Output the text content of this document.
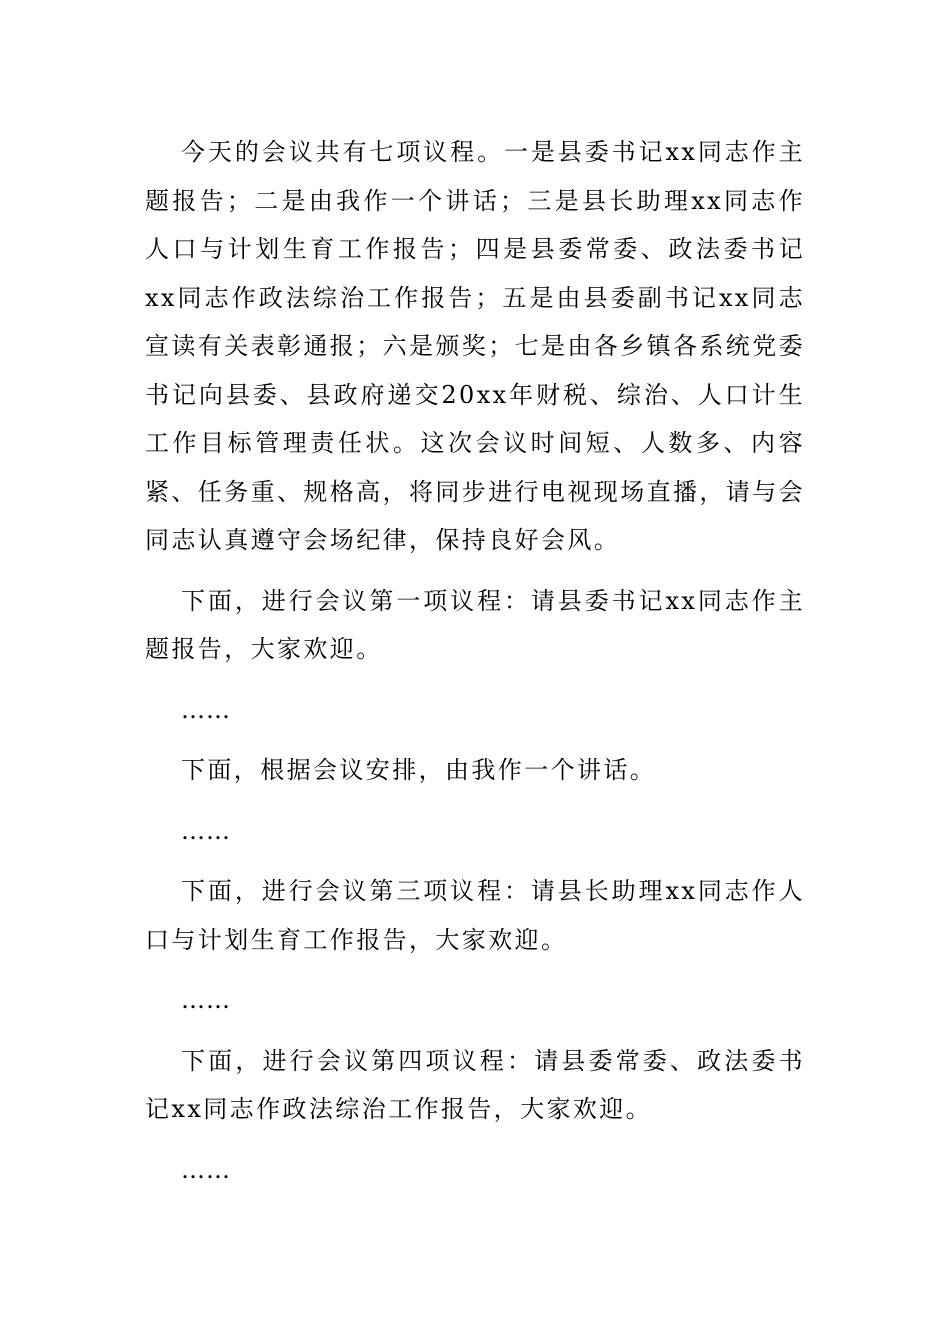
今天的会议共有七项议程。一是县委书记xx同志作主题报告；二是由我作一个讲话；三是县长助理xx同志作人口与计划生育工作报告；四是县委常委、政法委书记xx同志作政法综治工作报告；五是由县委副书记xx同志宣读有关表彰通报；六是颁奖；七是由各乡镇各系统党委书记向县委、县政府递交20xx年财税、综治、人口计生工作目标管理责任状。这次会议时间短、人数多、内容紧、任务重、规格高，将同步进行电视现场直播，请与会同志认真遵守会场纪律，保持良好会风。

下面，进行会议第一项议程：请县委书记xx同志作主题报告，大家欢迎。

……

下面，根据会议安排，由我作一个讲话。

……

下面，进行会议第三项议程：请县长助理xx同志作人口与计划生育工作报告，大家欢迎。

……

下面，进行会议第四项议程：请县委常委、政法委书记xx同志作政法综治工作报告，大家欢迎。

……
